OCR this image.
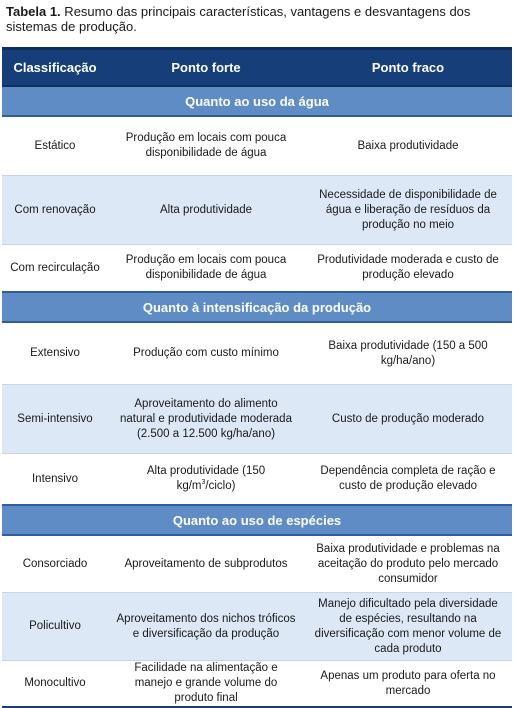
Tabela 1. Resumo das principais características, vantagens e desvantagens dos sistemas de produção.
Classificação	Ponto forte	Ponto fraco
Quanto ao uso da água		
Estático	Produção em locais com pouca disponibilidade de água	Baixa produtividade
Com renovação	Alta produtividade	Necessidade de disponibilidade de água e liberação de resíduos da produção no meio
Com recirculação	Produção em locais com pouca disponibilidade de água	Produtividade moderada e custo de produção elevado
Quanto à intensificação da produção		
Extensivo	Produção com custo mínimo	Baixa produtividade (150 a 500 kg/ha/ano)
Semi-intensivo	Aproveitamento do alimento natural e produtividade moderada (2.500 a 12.500 kg/ha/ano)	Custo de produção moderado
Intensivo	Alta produtividade (150 $kg/m^3/ciclo$)	Dependência completa de ração e custo de produção elevado
Quanto ao uso de espécies		
Consorciado	Aproveitamento de subprodutos	Baixa produtividade e problemas na aceitação do produto pelo mercado consumidor
Policultivo	Aproveitamento dos nichos tróficos e diversificação da produção	Manejo dificultado pela diversidade de espécies, resultando na diversificação com menor volume de cada produto
Monocultivo	Facilidade na alimentação e manejo e grande volume do produto final	Apenas um produto para oferta no mercado
